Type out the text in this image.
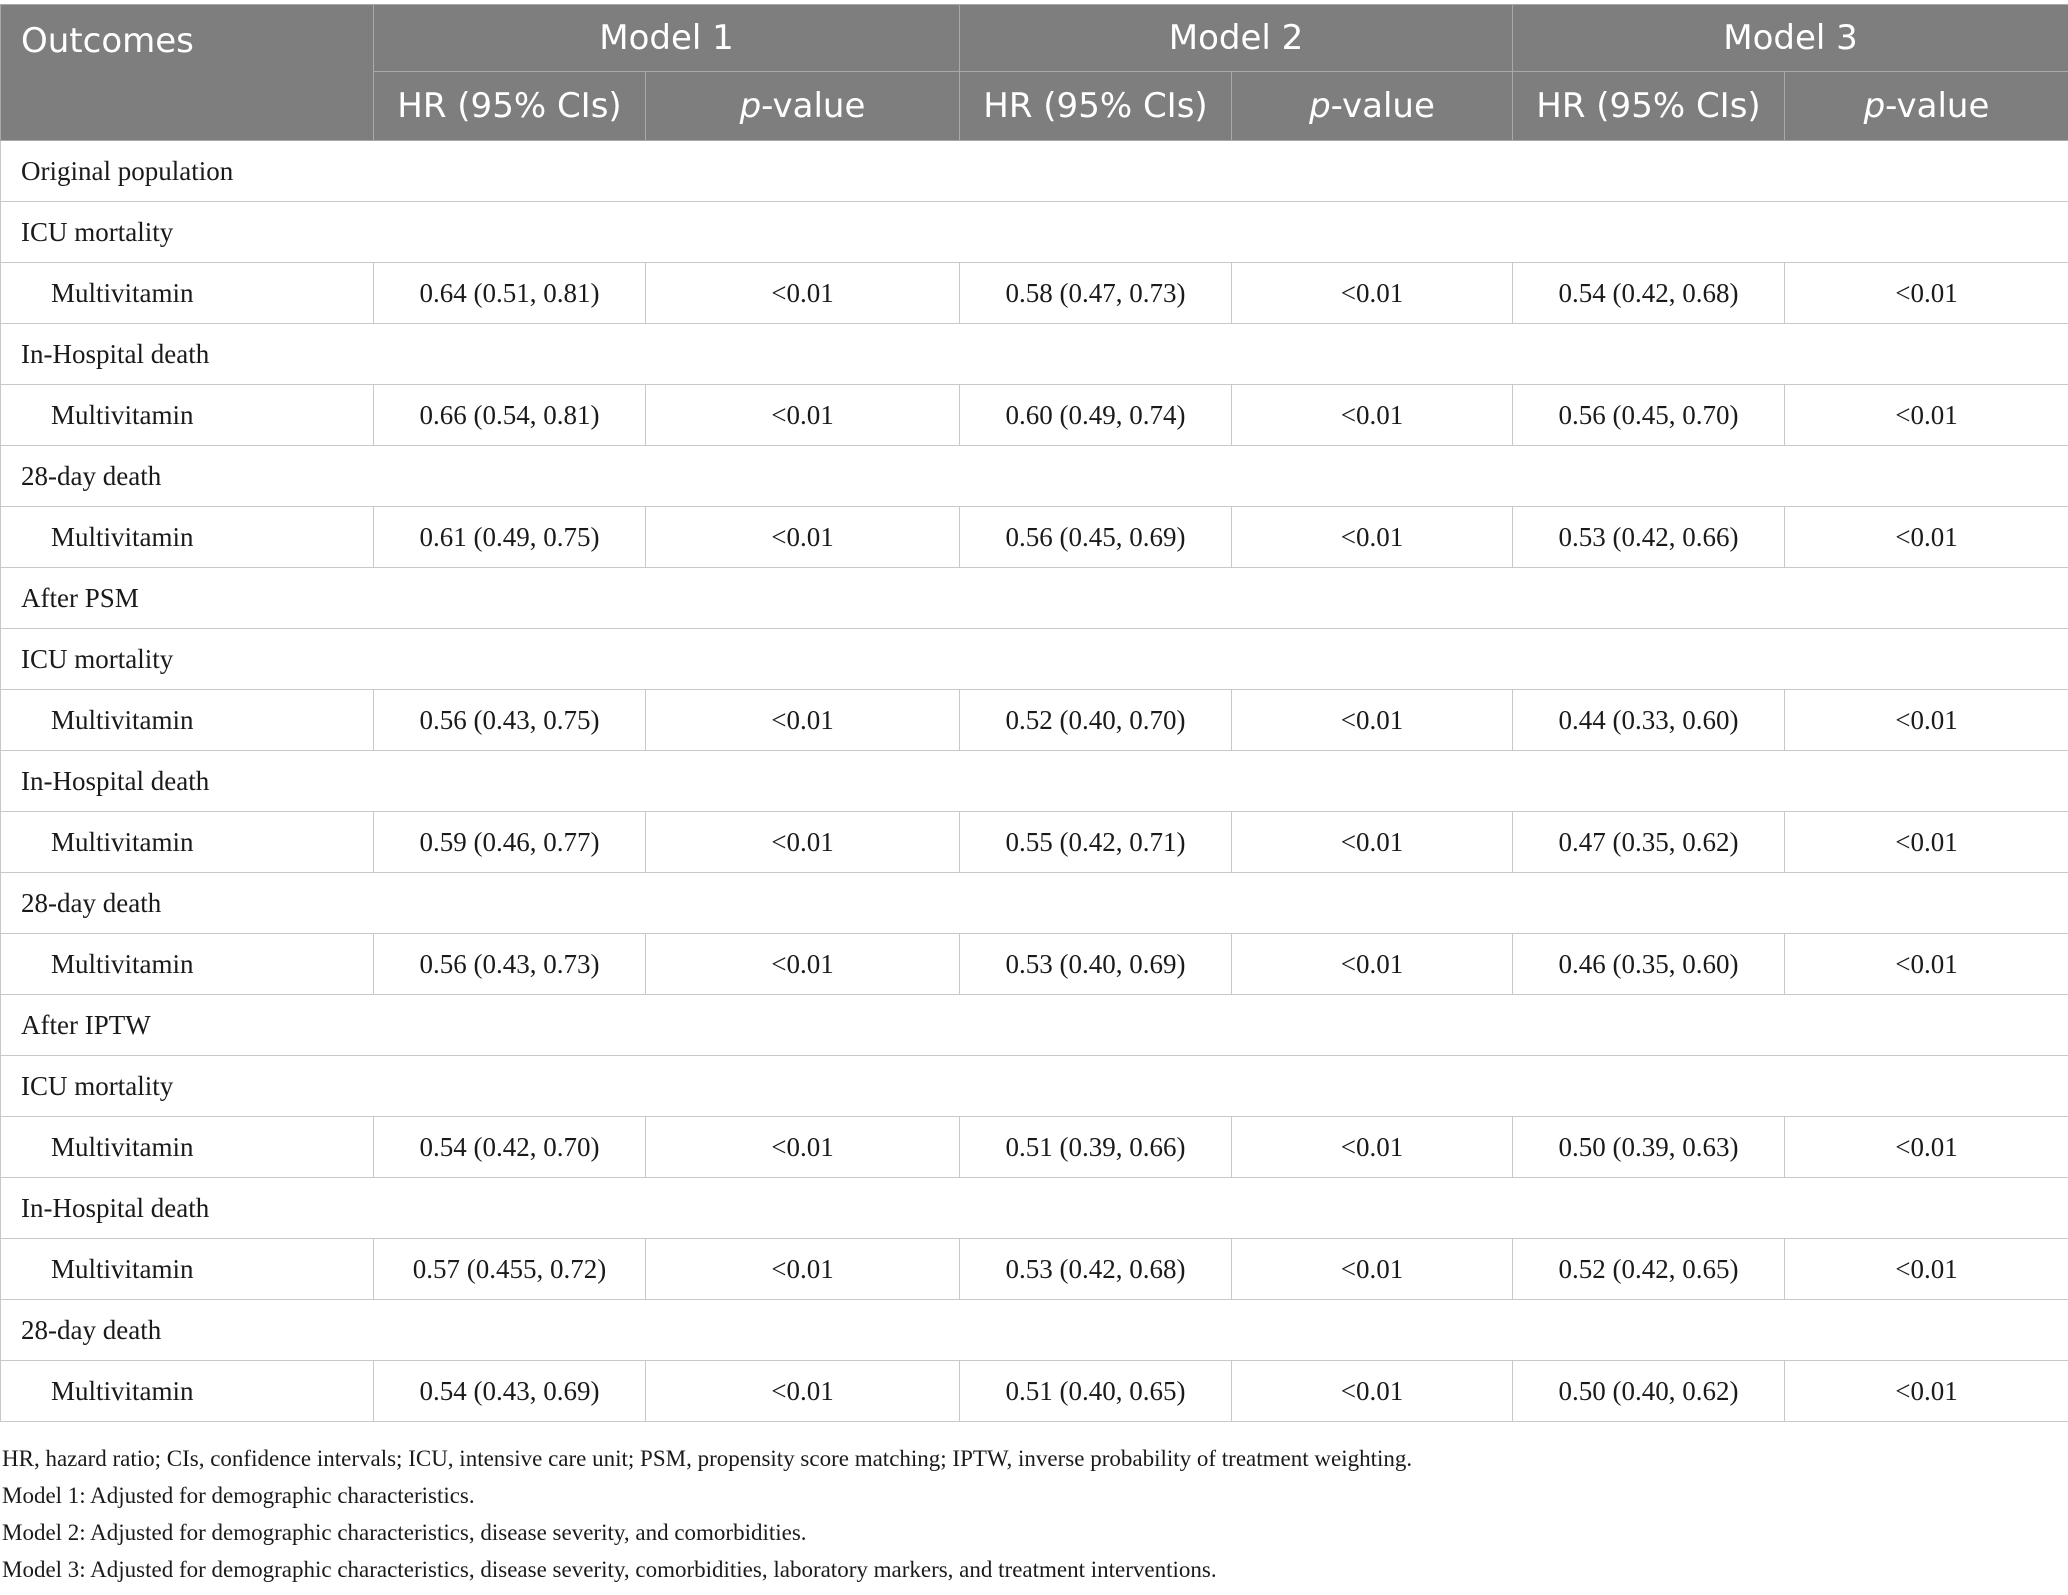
Outcomes	Model 1		Model 2		Model 3	
	HR (95% CIs)	p-value	HR (95% CIs)	p-value	HR (95% CIs)	p-value
Original population						
ICU mortality						
Multivitamin	0.64 (0.51, 0.81)	<0.01	0.58 (0.47, 0.73)	<0.01	0.54 (0.42, 0.68)	<0.01
In-Hospital death						
Multivitamin	0.66 (0.54, 0.81)	<0.01	0.60 (0.49, 0.74)	<0.01	0.56 (0.45, 0.70)	<0.01
28-day death						
Multivitamin	0.61 (0.49, 0.75)	<0.01	0.56 (0.45, 0.69)	<0.01	0.53 (0.42, 0.66)	<0.01
After PSM						
ICU mortality						
Multivitamin	0.56 (0.43, 0.75)	<0.01	0.52 (0.40, 0.70)	<0.01	0.44 (0.33, 0.60)	<0.01
In-Hospital death						
Multivitamin	0.59 (0.46, 0.77)	<0.01	0.55 (0.42, 0.71)	<0.01	0.47 (0.35, 0.62)	<0.01
28-day death						
Multivitamin	0.56 (0.43, 0.73)	<0.01	0.53 (0.40, 0.69)	<0.01	0.46 (0.35, 0.60)	<0.01
After IPTW						
ICU mortality						
Multivitamin	0.54 (0.42, 0.70)	<0.01	0.51 (0.39, 0.66)	<0.01	0.50 (0.39, 0.63)	<0.01
In-Hospital death						
Multivitamin	0.57 (0.455, 0.72)	<0.01	0.53 (0.42, 0.68)	<0.01	0.52 (0.42, 0.65)	<0.01
28-day death						
Multivitamin	0.54 (0.43, 0.69)	<0.01	0.51 (0.40, 0.65)	<0.01	0.50 (0.40, 0.62)	<0.01

HR, hazard ratio; CIs, confidence intervals; ICU, intensive care unit; PSM, propensity score matching; IPTW, inverse probability of treatment weighting.

Model 1: Adjusted for demographic characteristics.

Model 2: Adjusted for demographic characteristics, disease severity, and comorbidities.

Model 3: Adjusted for demographic characteristics, disease severity, comorbidities, laboratory markers, and treatment interventions.
